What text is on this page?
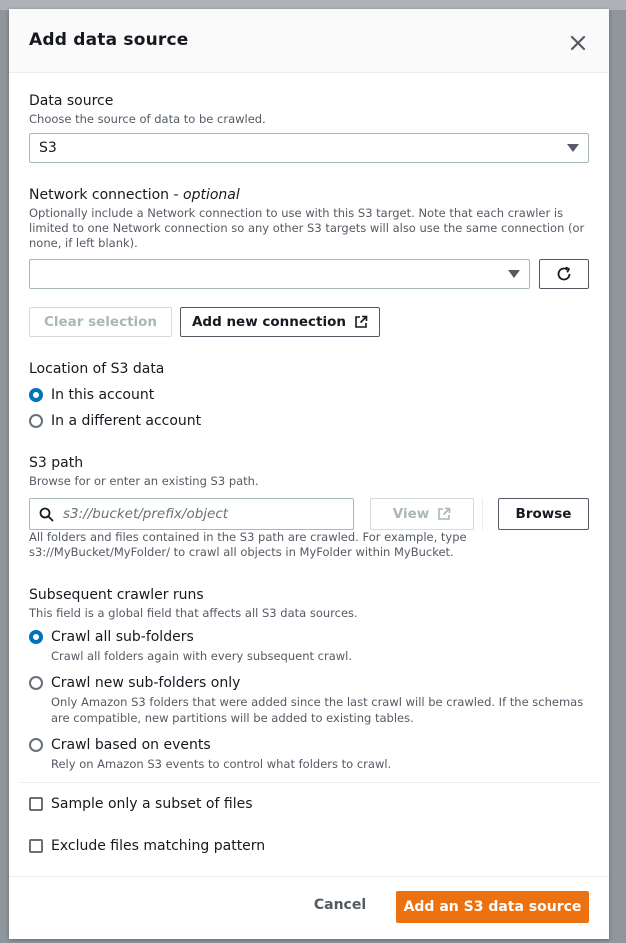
Add data source
Data source
Choose the source of data to be crawled.
S3
Network connection - optional
Optionally include a Network connection to use with this S3 target. Note that each crawler is limited to one Network connection so any other S3 targets will also use the same connection (or none, if left blank).
Clear selection	Add new connection
Location of S3 data
In this account
In a different account
S3 path
Browse for or enter an existing S3 path.
s3://bucket/prefix/object
View	Browse
All folders and files contained in the S3 path are crawled. For example, type s3://MyBucket/MyFolder/ to crawl all objects in MyFolder within MyBucket.
Subsequent crawler runs
This field is a global field that affects all S3 data sources.
Crawl all sub-folders
Crawl all folders again with every subsequent crawl.
Crawl new sub-folders only
Only Amazon S3 folders that were added since the last crawl will be crawled. If the schemas are compatible, new partitions will be added to existing tables.
Crawl based on events
Rely on Amazon S3 events to control what folders to crawl.
Sample only a subset of files
Exclude files matching pattern
Cancel	Add an S3 data source
